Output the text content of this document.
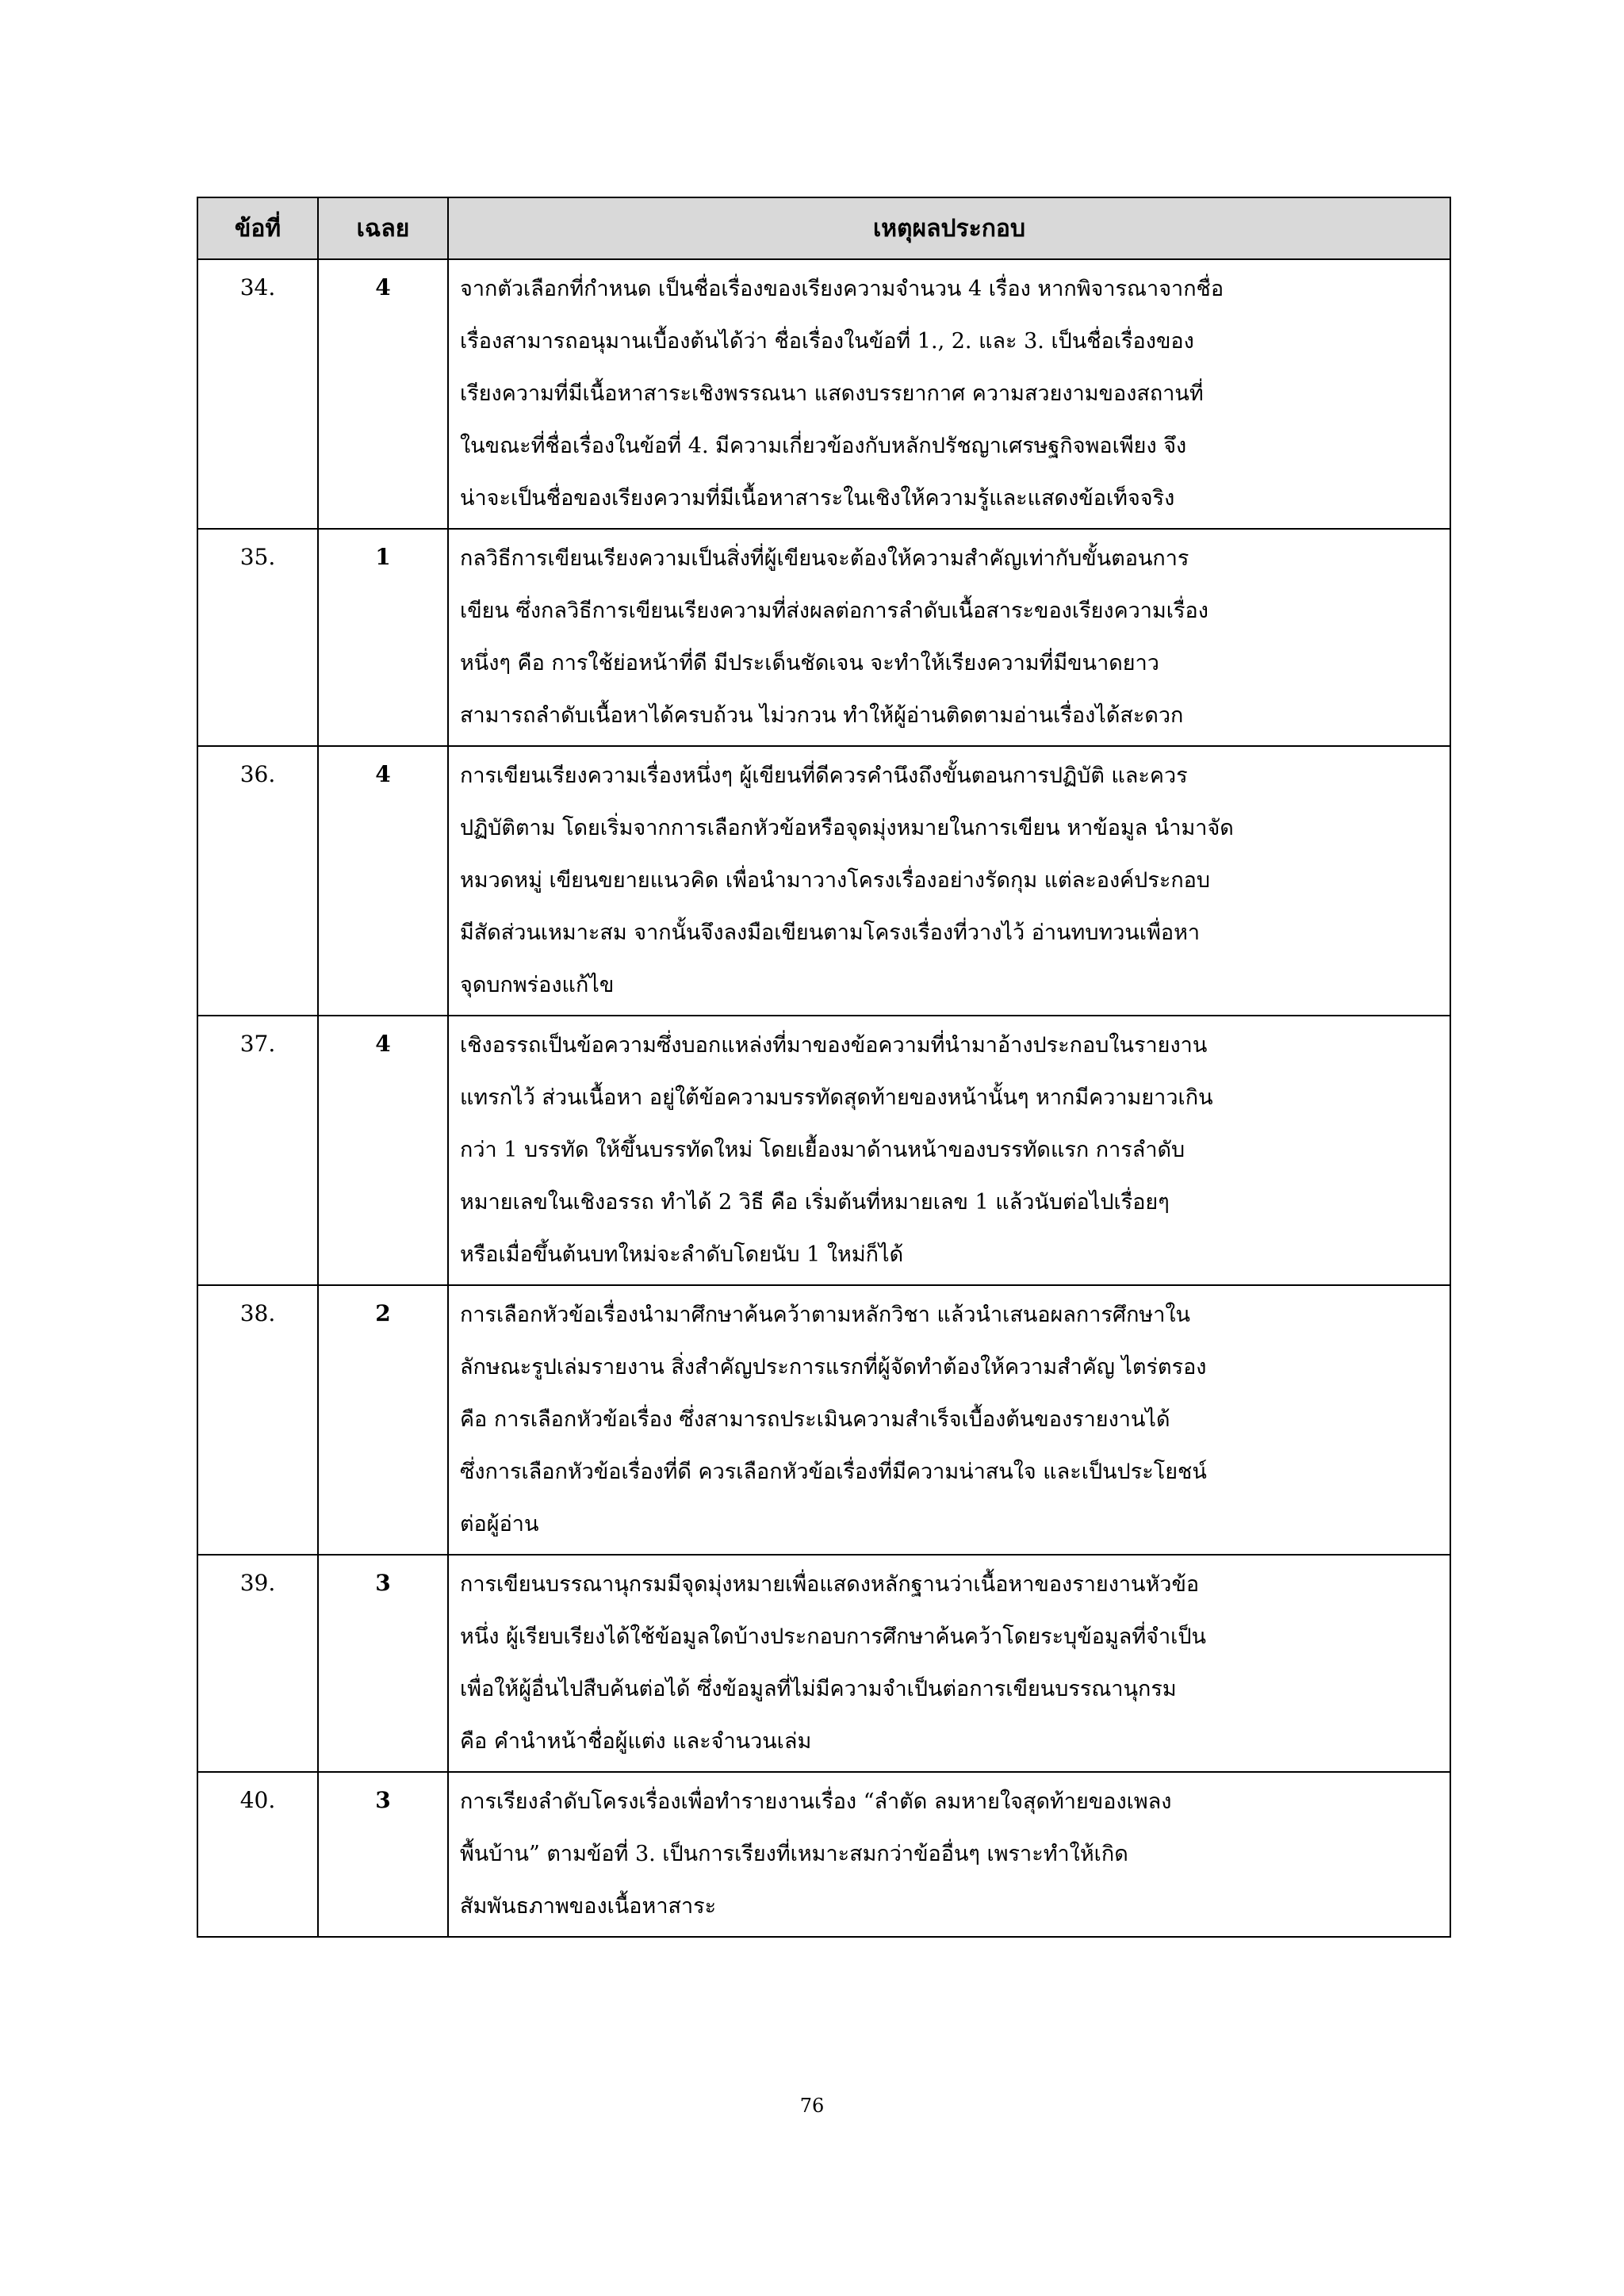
ข้อที่	เฉลย	เหตุผลประกอบ
34.	4	จากตัวเลือกที่กำหนด เป็นชื่อเรื่องของเรียงความจำนวน 4 เรื่อง หากพิจารณาจากชื่อ
เรื่องสามารถอนุมานเบื้องต้นได้ว่า ชื่อเรื่องในข้อที่ 1., 2. และ 3. เป็นชื่อเรื่องของ
เรียงความที่มีเนื้อหาสาระเชิงพรรณนา แสดงบรรยากาศ ความสวยงามของสถานที่
ในขณะที่ชื่อเรื่องในข้อที่ 4. มีความเกี่ยวข้องกับหลักปรัชญาเศรษฐกิจพอเพียง จึง
น่าจะเป็นชื่อของเรียงความที่มีเนื้อหาสาระในเชิงให้ความรู้และแสดงข้อเท็จจริง
35.	1	กลวิธีการเขียนเรียงความเป็นสิ่งที่ผู้เขียนจะต้องให้ความสำคัญเท่ากับขั้นตอนการ
เขียน ซึ่งกลวิธีการเขียนเรียงความที่ส่งผลต่อการลำดับเนื้อสาระของเรียงความเรื่อง
หนึ่งๆ คือ การใช้ย่อหน้าที่ดี มีประเด็นชัดเจน จะทำให้เรียงความที่มีขนาดยาว
สามารถลำดับเนื้อหาได้ครบถ้วน ไม่วกวน ทำให้ผู้อ่านติดตามอ่านเรื่องได้สะดวก
36.	4	การเขียนเรียงความเรื่องหนึ่งๆ ผู้เขียนที่ดีควรคำนึงถึงขั้นตอนการปฏิบัติ และควร
ปฏิบัติตาม โดยเริ่มจากการเลือกหัวข้อหรือจุดมุ่งหมายในการเขียน หาข้อมูล นำมาจัด
หมวดหมู่ เขียนขยายแนวคิด เพื่อนำมาวางโครงเรื่องอย่างรัดกุม แต่ละองค์ประกอบ
มีสัดส่วนเหมาะสม จากนั้นจึงลงมือเขียนตามโครงเรื่องที่วางไว้ อ่านทบทวนเพื่อหา
จุดบกพร่องแก้ไข
37.	4	เชิงอรรถเป็นข้อความซึ่งบอกแหล่งที่มาของข้อความที่นำมาอ้างประกอบในรายงาน
แทรกไว้ ส่วนเนื้อหา อยู่ใต้ข้อความบรรทัดสุดท้ายของหน้านั้นๆ หากมีความยาวเกิน
กว่า 1 บรรทัด ให้ขึ้นบรรทัดใหม่ โดยเยื้องมาด้านหน้าของบรรทัดแรก การลำดับ
หมายเลขในเชิงอรรถ ทำได้ 2 วิธี คือ เริ่มต้นที่หมายเลข 1 แล้วนับต่อไปเรื่อยๆ
หรือเมื่อขึ้นต้นบทใหม่จะลำดับโดยนับ 1 ใหม่ก็ได้
38.	2	การเลือกหัวข้อเรื่องนำมาศึกษาค้นคว้าตามหลักวิชา แล้วนำเสนอผลการศึกษาใน
ลักษณะรูปเล่มรายงาน สิ่งสำคัญประการแรกที่ผู้จัดทำต้องให้ความสำคัญ ไตร่ตรอง
คือ การเลือกหัวข้อเรื่อง ซึ่งสามารถประเมินความสำเร็จเบื้องต้นของรายงานได้
ซึ่งการเลือกหัวข้อเรื่องที่ดี ควรเลือกหัวข้อเรื่องที่มีความน่าสนใจ และเป็นประโยชน์
ต่อผู้อ่าน
39.	3	การเขียนบรรณานุกรมมีจุดมุ่งหมายเพื่อแสดงหลักฐานว่าเนื้อหาของรายงานหัวข้อ
หนึ่ง ผู้เรียบเรียงได้ใช้ข้อมูลใดบ้างประกอบการศึกษาค้นคว้าโดยระบุข้อมูลที่จำเป็น
เพื่อให้ผู้อื่นไปสืบค้นต่อได้ ซึ่งข้อมูลที่ไม่มีความจำเป็นต่อการเขียนบรรณานุกรม
คือ คำนำหน้าชื่อผู้แต่ง และจำนวนเล่ม
40.	3	การเรียงลำดับโครงเรื่องเพื่อทำรายงานเรื่อง “ลำตัด ลมหายใจสุดท้ายของเพลง
พื้นบ้าน” ตามข้อที่ 3. เป็นการเรียงที่เหมาะสมกว่าข้ออื่นๆ เพราะทำให้เกิด
สัมพันธภาพของเนื้อหาสาระ
76
